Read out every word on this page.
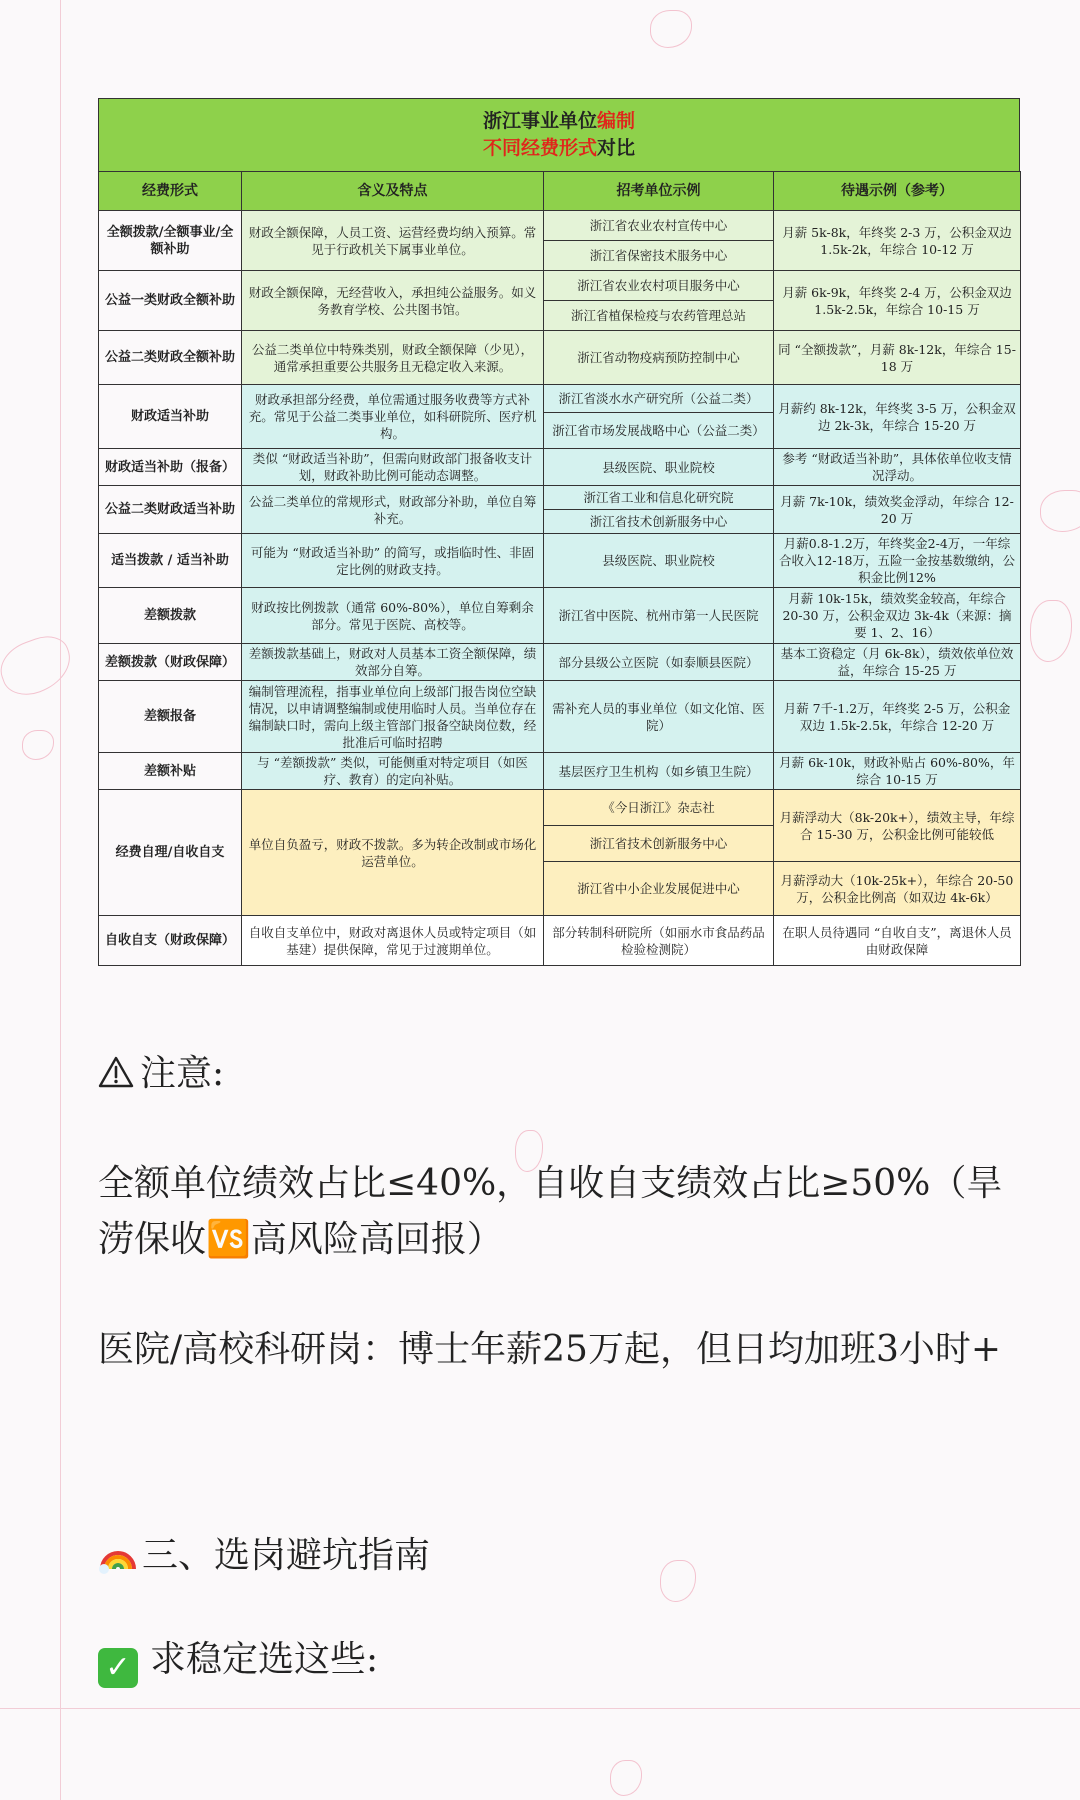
浙江事业单位编制
不同经费形式对比
经费形式	含义及特点	招考单位示例	待遇示例（参考）
全额拨款/全额事业/全额补助	财政全额保障，人员工资、运营经费均纳入预算。常见于行政机关下属事业单位。	浙江省农业农村宣传中心	月薪 5k-8k，年终奖 2-3 万，公积金双边 1.5k-2k，年综合 10-12 万
		浙江省保密技术服务中心	
公益一类财政全额补助	财政全额保障，无经营收入，承担纯公益服务。如义务教育学校、公共图书馆。	浙江省农业农村项目服务中心	月薪 6k-9k，年终奖 2-4 万，公积金双边 1.5k-2.5k，年综合 10-15 万
		浙江省植保检疫与农药管理总站	
公益二类财政全额补助	公益二类单位中特殊类别，财政全额保障（少见），通常承担重要公共服务且无稳定收入来源。	浙江省动物疫病预防控制中心	同 “全额拨款”，月薪 8k-12k，年综合 15-18 万
财政适当补助	财政承担部分经费，单位需通过服务收费等方式补充。常见于公益二类事业单位，如科研院所、医疗机构。	浙江省淡水水产研究所（公益二类）	月薪约 8k-12k，年终奖 3-5 万，公积金双边 2k-3k，年综合 15-20 万
		浙江省市场发展战略中心（公益二类）	
财政适当补助（报备）	类似 “财政适当补助”，但需向财政部门报备收支计划，财政补助比例可能动态调整。	县级医院、职业院校	参考 “财政适当补助”，具体依单位收支情况浮动。
公益二类财政适当补助	公益二类单位的常规形式，财政部分补助，单位自筹补充。	浙江省工业和信息化研究院	月薪 7k-10k，绩效奖金浮动，年综合 12-20 万
		浙江省技术创新服务中心	
适当拨款 / 适当补助	可能为 “财政适当补助” 的简写，或指临时性、非固定比例的财政支持。	县级医院、职业院校	月薪0.8-1.2万，年终奖金2-4万，一年综合收入12-18万，五险一金按基数缴纳，公积金比例12%
差额拨款	财政按比例拨款（通常 60%-80%），单位自筹剩余部分。常见于医院、高校等。	浙江省中医院、杭州市第一人民医院	月薪 10k-15k，绩效奖金较高，年综合 20-30 万，公积金双边 3k-4k（来源：摘要 1、2、16）
差额拨款（财政保障）	差额拨款基础上，财政对人员基本工资全额保障，绩效部分自筹。	部分县级公立医院（如泰顺县医院）	基本工资稳定（月 6k-8k），绩效依单位效益，年综合 15-25 万
差额报备	编制管理流程，指事业单位向上级部门报告岗位空缺情况，以申请调整编制或使用临时人员。当单位存在编制缺口时，需向上级主管部门报备空缺岗位数，经批准后可临时招聘	需补充人员的事业单位（如文化馆、医院）	月薪 7千-1.2万，年终奖 2-5 万，公积金双边 1.5k-2.5k，年综合 12-20 万
差额补贴	与 “差额拨款” 类似，可能侧重对特定项目（如医疗、教育）的定向补贴。	基层医疗卫生机构（如乡镇卫生院）	月薪 6k-10k，财政补贴占 60%-80%，年综合 10-15 万
经费自理/自收自支	单位自负盈亏，财政不拨款。多为转企改制或市场化运营单位。	《今日浙江》杂志社	月薪浮动大（8k-20k+），绩效主导，年综合 15-30 万，公积金比例可能较低
		浙江省技术创新服务中心	
		浙江省中小企业发展促进中心	月薪浮动大（10k-25k+），年综合 20-50 万，公积金比例高（如双边 4k-6k）
自收自支（财政保障）	自收自支单位中，财政对离退休人员或特定项目（如基建）提供保障，常见于过渡期单位。	部分转制科研院所（如丽水市食品药品检验检测院）	在职人员待遇同 “自收自支”，离退休人员由财政保障
注意:
全额单位绩效占比≤40%，自收自支绩效占比≥50%（旱涝保收🆚高风险高回报）
医院/高校科研岗：博士年薪25万起，但日均加班3小时+
三、选岗避坑指南
✓ 求稳定选这些:
